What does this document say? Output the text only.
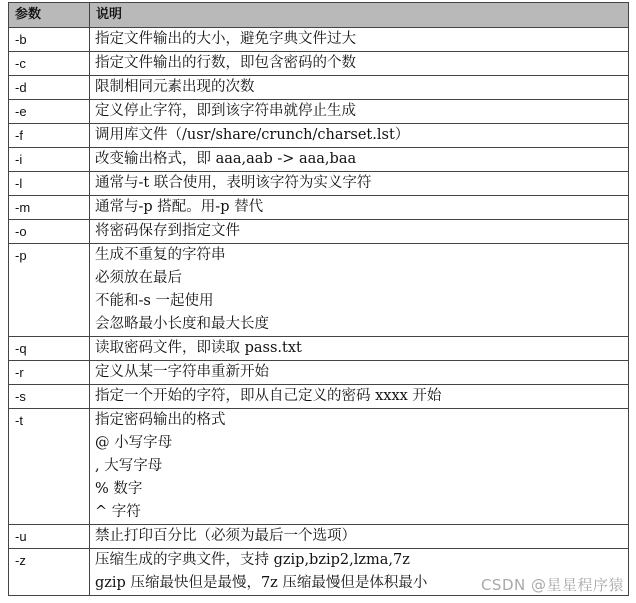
参数	说明
-b	指定文件输出的大小，避免字典文件过大

-c	指定文件输出的行数，即包含密码的个数

-d	限制相同元素出现的次数

-e	定义停止字符，即到该字符串就停止生成

-f	调用库文件（/usr/share/crunch/charset.lst）

-i	改变输出格式，即 aaa,aab -> aaa,baa

-l	通常与-t 联合使用，表明该字符为实义字符

-m	通常与-p 搭配。用-p 替代

-o	将密码保存到指定文件

-p	生成不重复的字符串
必须放在最后
不能和-s 一起使用
会忽略最小长度和最大长度

-q	读取密码文件，即读取 pass.txt

-r	定义从某一字符串重新开始

-s	指定一个开始的字符，即从自己定义的密码 xxxx 开始

-t	指定密码输出的格式
@ 小写字母
, 大写字母
% 数字
^ 字符

-u	禁止打印百分比（必须为最后一个选项）

-z	压缩生成的字典文件，支持 gzip,bzip2,lzma,7z
gzip 压缩最快但是最慢，7z 压缩最慢但是体积最小	CSDN @星星程序猿
